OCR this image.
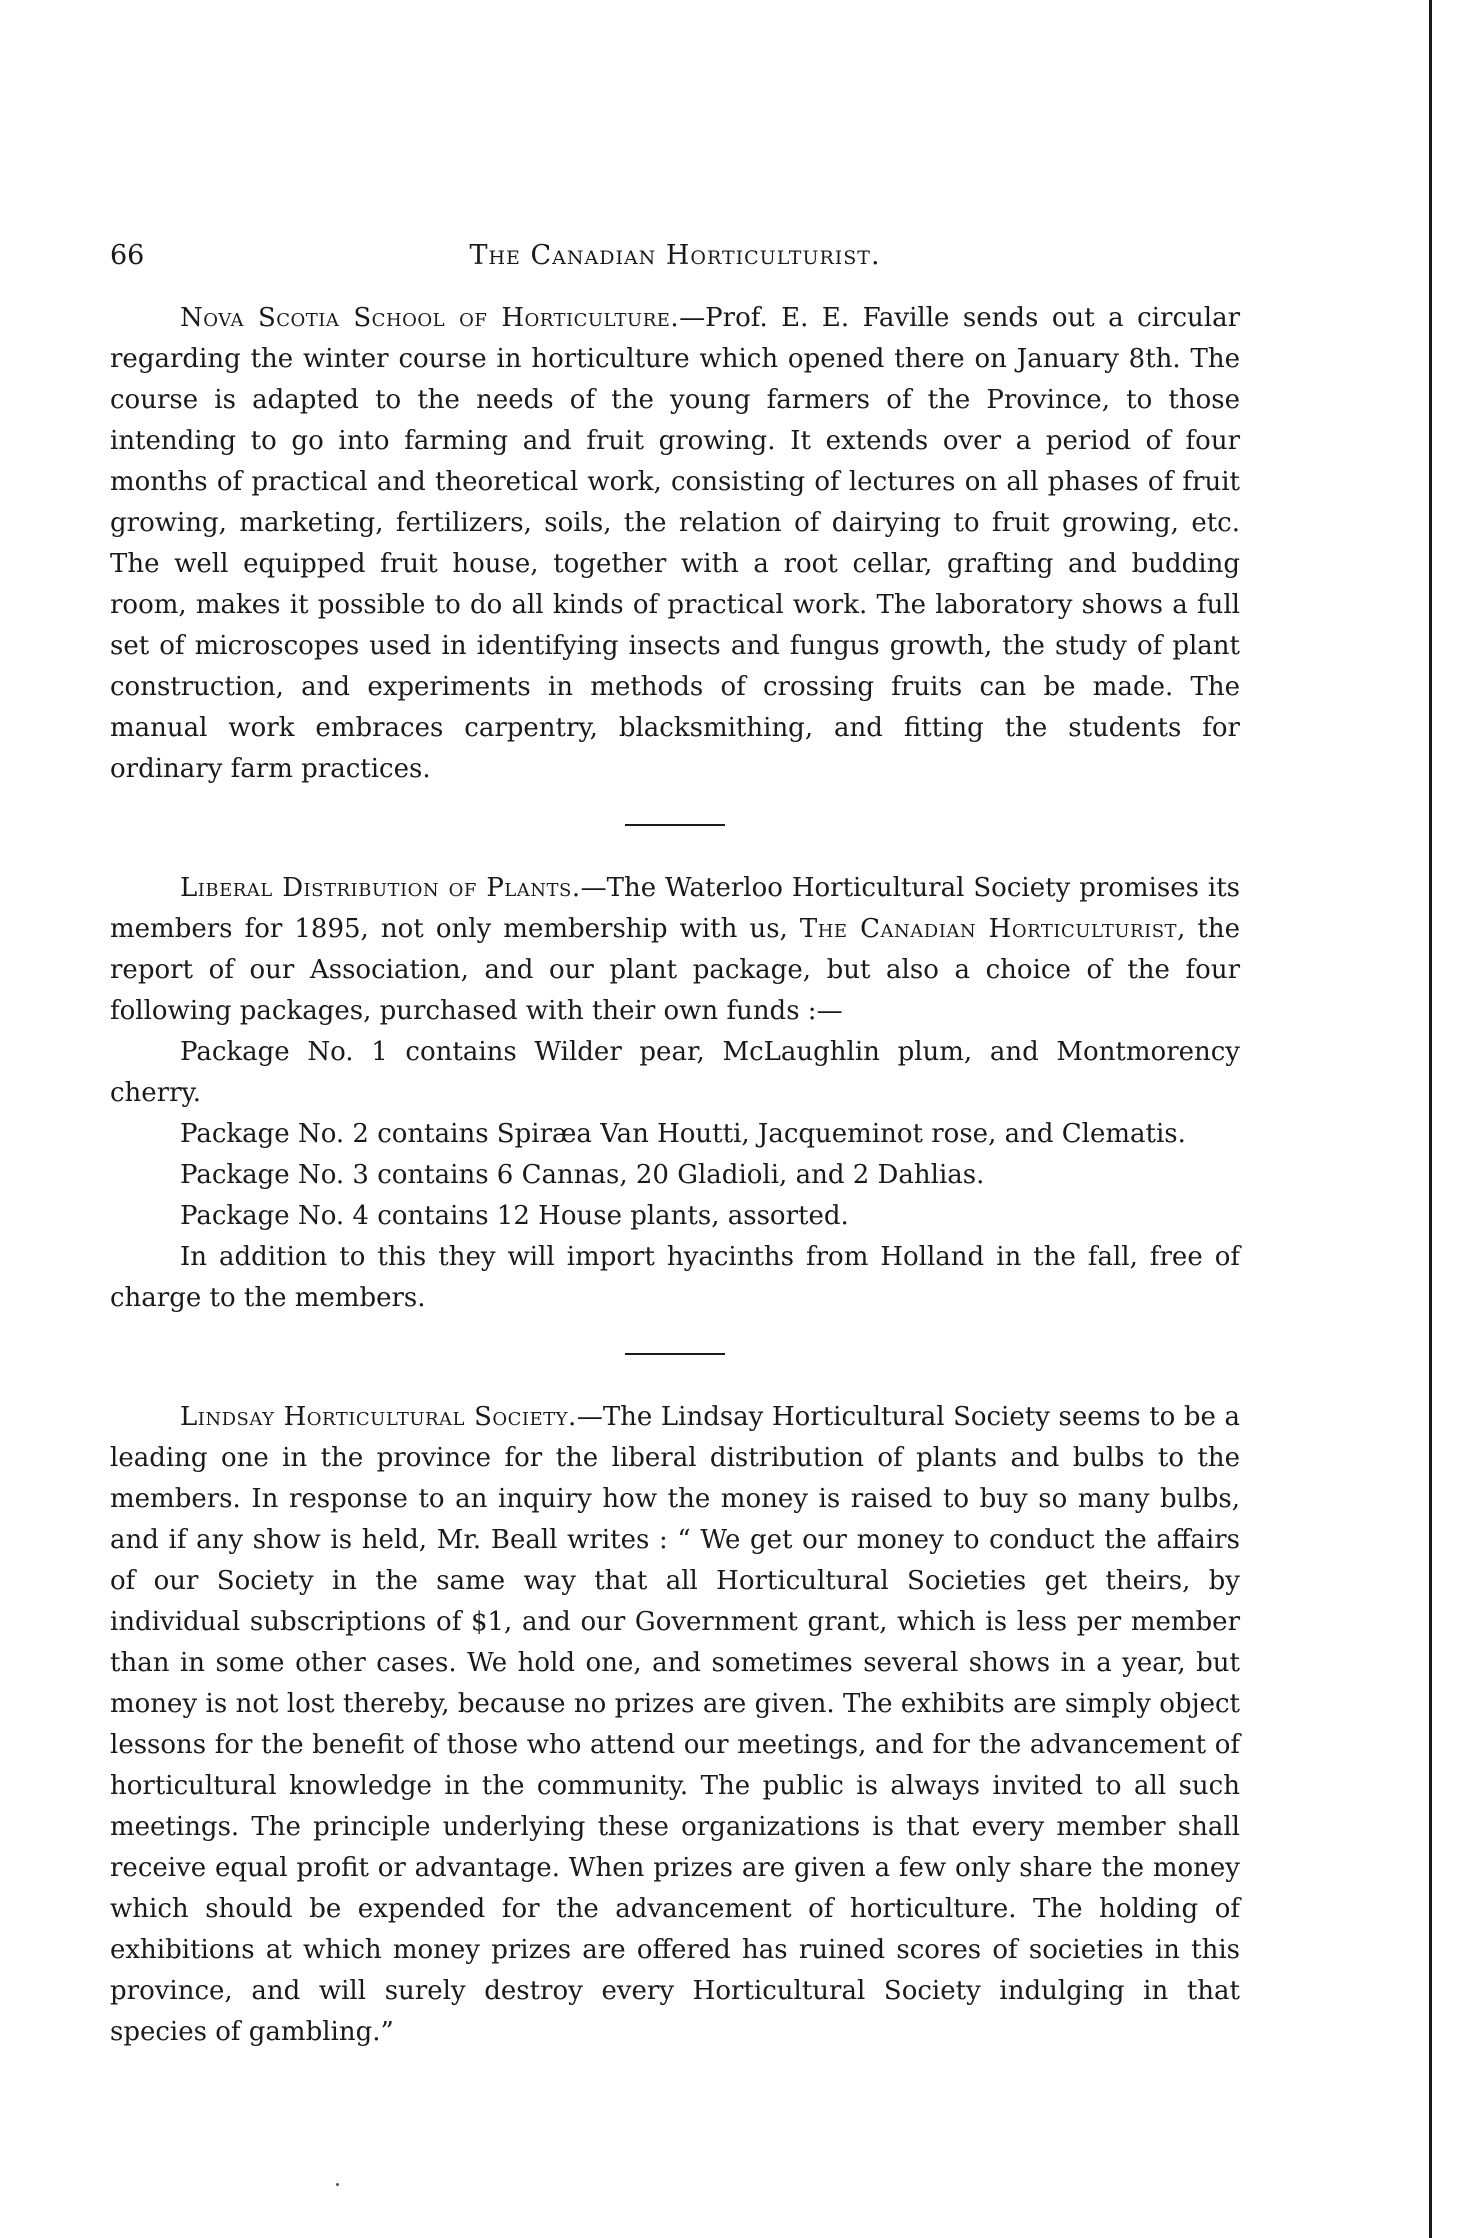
66	The Canadian Horticulturist.

Nova Scotia School of Horticulture.—Prof. E. E. Faville sends out a circular regarding the winter course in horticulture which opened there on January 8th. The course is adapted to the needs of the young farmers of the Province, to those intending to go into farming and fruit growing. It extends over a period of four months of practical and theoretical work, consisting of lectures on all phases of fruit growing, marketing, fertilizers, soils, the relation of dairying to fruit growing, etc. The well equipped fruit house, together with a root cellar, grafting and budding room, makes it possible to do all kinds of practical work. The laboratory shows a full set of microscopes used in identifying insects and fungus growth, the study of plant construction, and experiments in methods of crossing fruits can be made. The manual work embraces carpentry, blacksmithing, and fitting the students for ordinary farm practices.

Liberal Distribution of Plants.—The Waterloo Horticultural Society promises its members for 1895, not only membership with us, The Canadian Horticulturist, the report of our Association, and our plant package, but also a choice of the four following packages, purchased with their own funds :—

Package No. 1 contains Wilder pear, McLaughlin plum, and Montmorency cherry.

Package No. 2 contains Spiræa Van Houtti, Jacqueminot rose, and Clematis.

Package No. 3 contains 6 Cannas, 20 Gladioli, and 2 Dahlias.

Package No. 4 contains 12 House plants, assorted.

In addition to this they will import hyacinths from Holland in the fall, free of charge to the members.

Lindsay Horticultural Society.—The Lindsay Horticultural Society seems to be a leading one in the province for the liberal distribution of plants and bulbs to the members. In response to an inquiry how the money is raised to buy so many bulbs, and if any show is held, Mr. Beall writes : “ We get our money to conduct the affairs of our Society in the same way that all Horticultural Societies get theirs, by individual subscriptions of $1, and our Government grant, which is less per member than in some other cases. We hold one, and sometimes several shows in a year, but money is not lost thereby, because no prizes are given. The exhibits are simply object lessons for the benefit of those who attend our meetings, and for the advancement of horticultural knowledge in the community. The public is always invited to all such meetings. The principle underlying these organizations is that every member shall receive equal profit or advantage. When prizes are given a few only share the money which should be expended for the advancement of horticulture. The holding of exhibitions at which money prizes are offered has ruined scores of societies in this province, and will surely destroy every Horticultural Society indulging in that species of gambling.”
